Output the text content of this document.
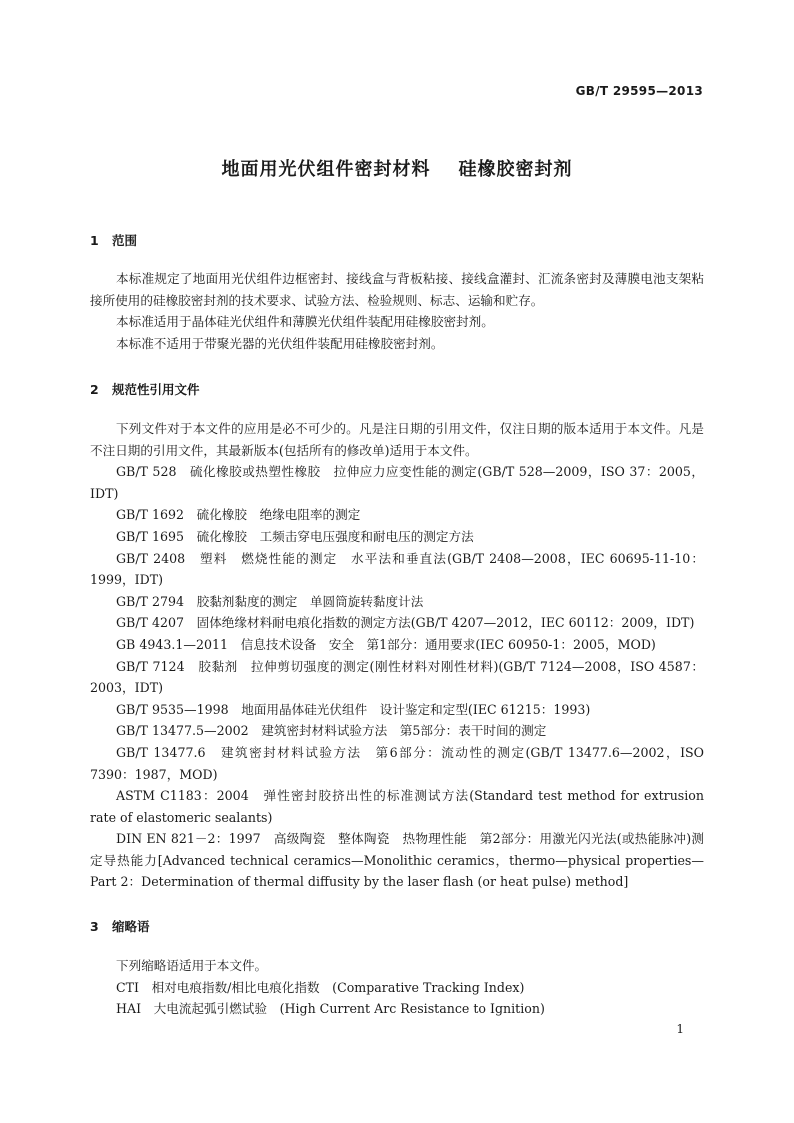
GB/T 29595—2013
地面用光伏组件密封材料 硅橡胶密封剂
1 范围

本标准规定了地面用光伏组件边框密封、接线盒与背板粘接、接线盒灌封、汇流条密封及薄膜电池支架粘接所使用的硅橡胶密封剂的技术要求、试验方法、检验规则、标志、运输和贮存。

本标准适用于晶体硅光伏组件和薄膜光伏组件装配用硅橡胶密封剂。

本标准不适用于带聚光器的光伏组件装配用硅橡胶密封剂。

2 规范性引用文件

下列文件对于本文件的应用是必不可少的。凡是注日期的引用文件，仅注日期的版本适用于本文件。凡是不注日期的引用文件，其最新版本(包括所有的修改单)适用于本文件。

GB/T 528　硫化橡胶或热塑性橡胶　拉伸应力应变性能的测定(GB/T 528—2009，ISO 37：2005，IDT)

GB/T 1692　硫化橡胶　绝缘电阻率的测定

GB/T 1695　硫化橡胶　工频击穿电压强度和耐电压的测定方法

GB/T 2408　塑料　燃烧性能的测定　水平法和垂直法(GB/T 2408—2008，IEC 60695-11-10：1999，IDT)

GB/T 2794　胶黏剂黏度的测定　单圆筒旋转黏度计法

GB/T 4207　固体绝缘材料耐电痕化指数的测定方法(GB/T 4207—2012，IEC 60112：2009，IDT)

GB 4943.1—2011　信息技术设备　安全　第1部分：通用要求(IEC 60950-1：2005，MOD)

GB/T 7124　胶黏剂　拉伸剪切强度的测定(刚性材料对刚性材料)(GB/T 7124—2008，ISO 4587：2003，IDT)

GB/T 9535—1998　地面用晶体硅光伏组件　设计鉴定和定型(IEC 61215：1993)

GB/T 13477.5—2002　建筑密封材料试验方法　第5部分：表干时间的测定

GB/T 13477.6　建筑密封材料试验方法　第6部分：流动性的测定(GB/T 13477.6—2002，ISO 7390：1987，MOD)

ASTM C1183：2004　弹性密封胶挤出性的标准测试方法(Standard test method for extrusion rate of elastomeric sealants)

DIN EN 821－2：1997　高级陶瓷　整体陶瓷　热物理性能　第2部分：用激光闪光法(或热能脉冲)测定导热能力[Advanced technical ceramics—Monolithic ceramics，thermo—physical properties—Part 2：Determination of thermal diffusity by the laser flash (or heat pulse) method]

3 缩略语

下列缩略语适用于本文件。

CTI　相对电痕指数/相比电痕化指数　(Comparative Tracking Index)

HAI　大电流起弧引燃试验　(High Current Arc Resistance to Ignition)

1
